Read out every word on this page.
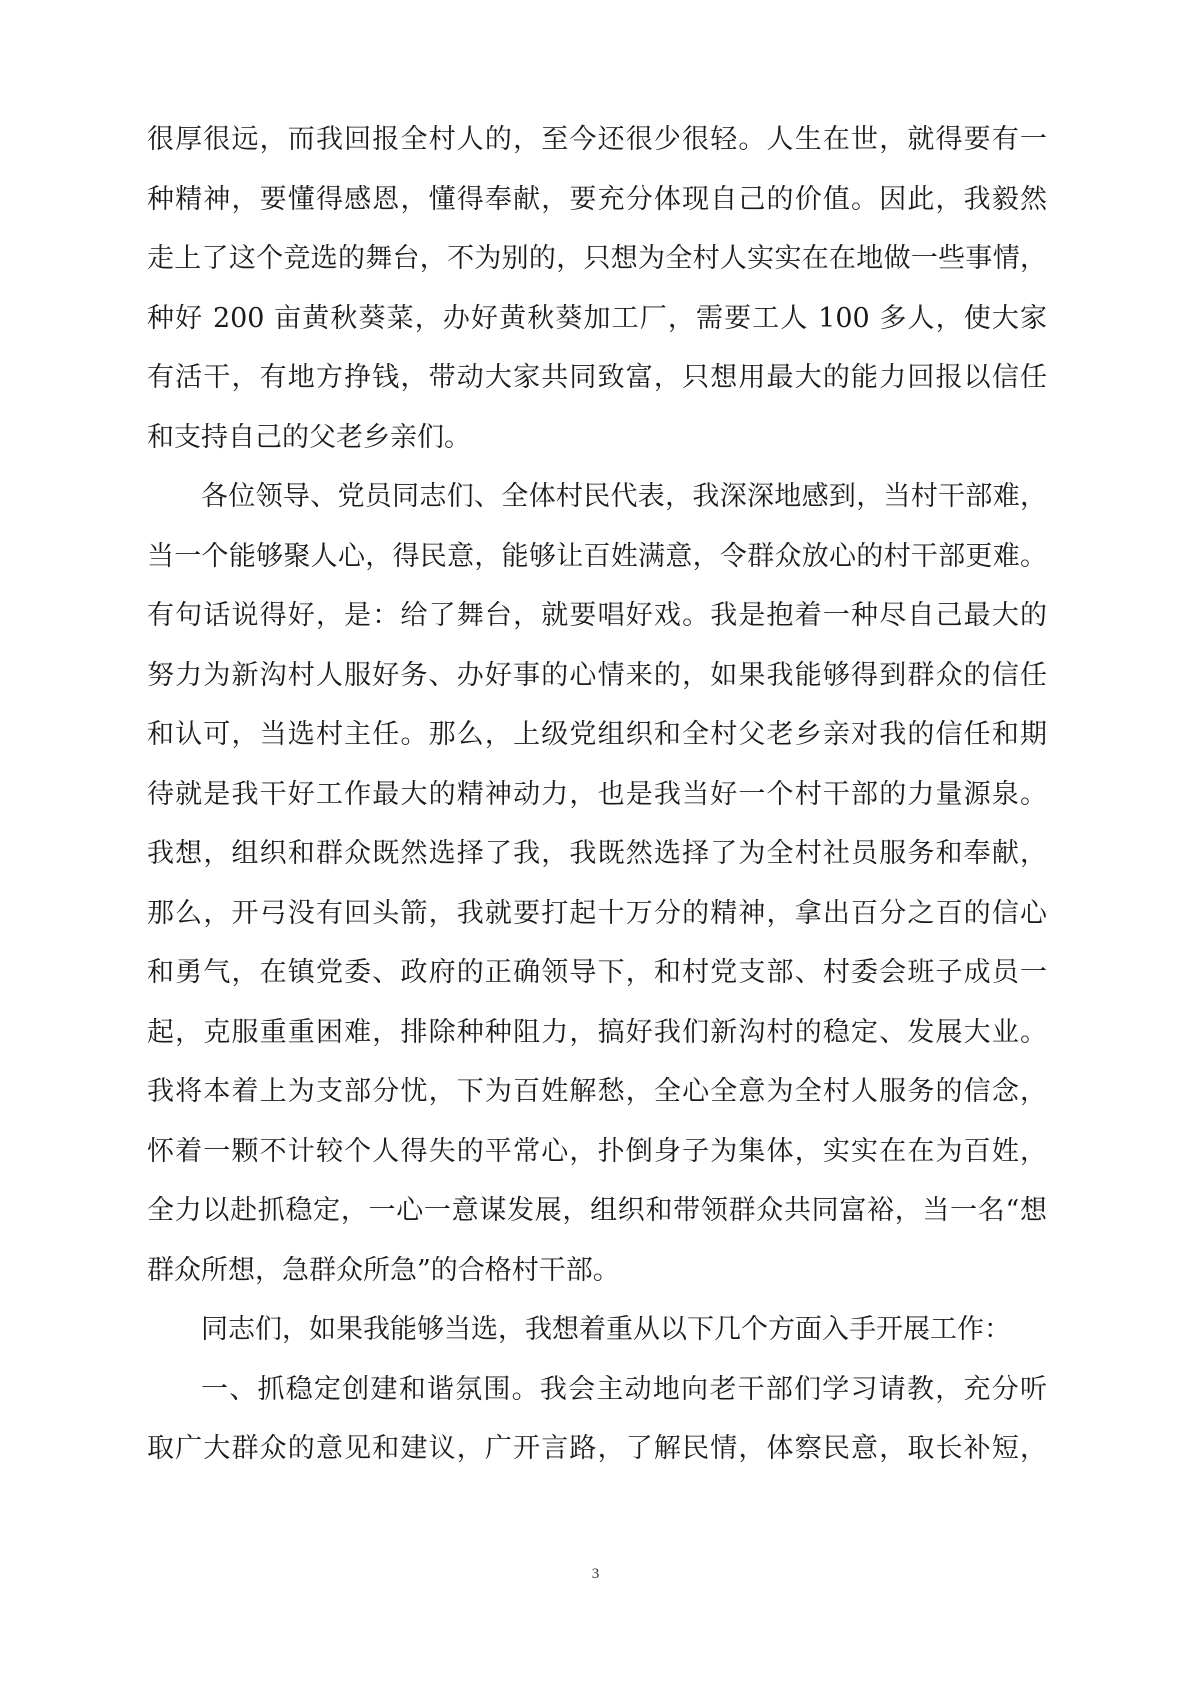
很厚很远，而我回报全村人的，至今还很少很轻。人生在世，就得要有一
种精神，要懂得感恩，懂得奉献，要充分体现自己的价值。因此，我毅然
走上了这个竞选的舞台，不为别的，只想为全村人实实在在地做一些事情，
种好 200 亩黄秋葵菜，办好黄秋葵加工厂，需要工人 100 多人，使大家
有活干，有地方挣钱，带动大家共同致富，只想用最大的能力回报以信任
和支持自己的父老乡亲们。
各位领导、党员同志们、全体村民代表，我深深地感到，当村干部难，
当一个能够聚人心，得民意，能够让百姓满意，令群众放心的村干部更难。
有句话说得好，是：给了舞台，就要唱好戏。我是抱着一种尽自己最大的
努力为新沟村人服好务、办好事的心情来的，如果我能够得到群众的信任
和认可，当选村主任。那么，上级党组织和全村父老乡亲对我的信任和期
待就是我干好工作最大的精神动力，也是我当好一个村干部的力量源泉。
我想，组织和群众既然选择了我，我既然选择了为全村社员服务和奉献，
那么，开弓没有回头箭，我就要打起十万分的精神，拿出百分之百的信心
和勇气，在镇党委、政府的正确领导下，和村党支部、村委会班子成员一
起，克服重重困难，排除种种阻力，搞好我们新沟村的稳定、发展大业。
我将本着上为支部分忧，下为百姓解愁，全心全意为全村人服务的信念，
怀着一颗不计较个人得失的平常心，扑倒身子为集体，实实在在为百姓，
全力以赴抓稳定，一心一意谋发展，组织和带领群众共同富裕，当一名“想
群众所想，急群众所急”的合格村干部。
同志们，如果我能够当选，我想着重从以下几个方面入手开展工作：
一、抓稳定创建和谐氛围。我会主动地向老干部们学习请教，充分听
取广大群众的意见和建议，广开言路，了解民情，体察民意，取长补短，
3
